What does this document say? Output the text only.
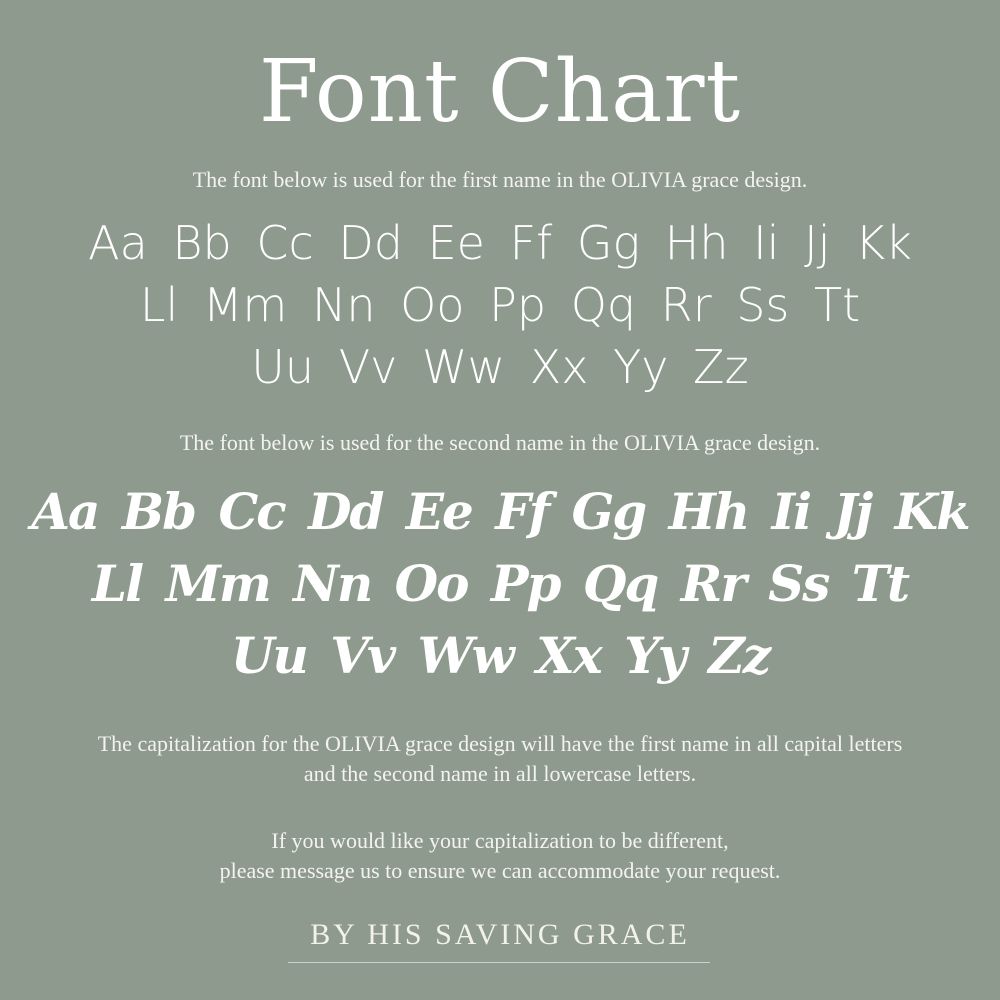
Font Chart
The font below is used for the first name in the OLIVIA grace design.
Aa Bb Cc Dd Ee Ff Gg Hh Ii Jj Kk
Ll Mm Nn Oo Pp Qq Rr Ss Tt
Uu Vv Ww Xx Yy Zz
The font below is used for the second name in the OLIVIA grace design.
Aa Bb Cc Dd Ee Ff Gg Hh Ii Jj Kk
Ll Mm Nn Oo Pp Qq Rr Ss Tt
Uu Vv Ww Xx Yy Zz
The capitalization for the OLIVIA grace design will have the first name in all capital letters
and the second name in all lowercase letters.
If you would like your capitalization to be different,
please message us to ensure we can accommodate your request.
BY HIS SAVING GRACE
